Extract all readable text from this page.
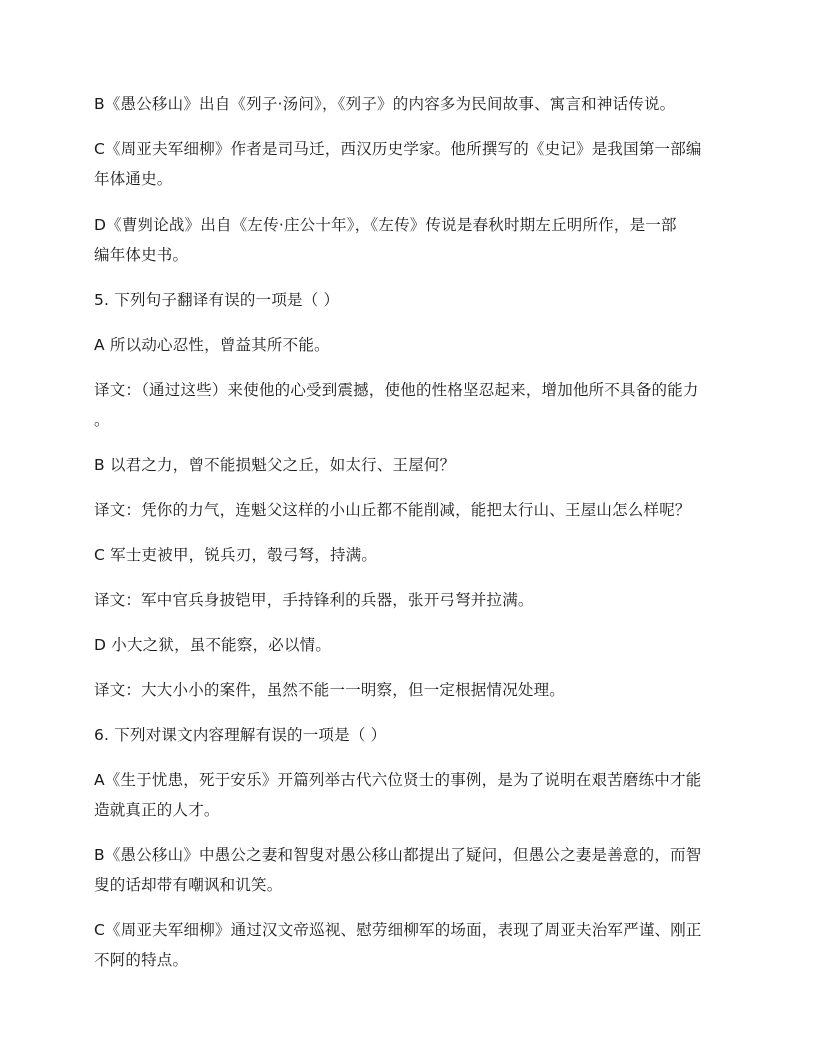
B《愚公移山》出自《列子·汤问》，《列子》的内容多为民间故事、寓言和神话传说。
C《周亚夫军细柳》作者是司马迁，西汉历史学家。他所撰写的《史记》是我国第一部编
年体通史。
D《曹刿论战》出自《左传·庄公十年》，《左传》传说是春秋时期左丘明所作，是一部
编年体史书。
5. 下列句子翻译有误的一项是（ ）
A 所以动心忍性，曾益其所不能。
译文：（通过这些）来使他的心受到震撼，使他的性格坚忍起来，增加他所不具备的能力
。
B 以君之力，曾不能损魁父之丘，如太行、王屋何？
译文：凭你的力气，连魁父这样的小山丘都不能削减，能把太行山、王屋山怎么样呢？
C 军士吏被甲，锐兵刃，彀弓弩，持满。
译文：军中官兵身披铠甲，手持锋利的兵器，张开弓弩并拉满。
D 小大之狱，虽不能察，必以情。
译文：大大小小的案件，虽然不能一一明察，但一定根据情况处理。
6. 下列对课文内容理解有误的一项是（ ）
A《生于忧患，死于安乐》开篇列举古代六位贤士的事例，是为了说明在艰苦磨练中才能
造就真正的人才。
B《愚公移山》中愚公之妻和智叟对愚公移山都提出了疑问，但愚公之妻是善意的，而智
叟的话却带有嘲讽和讥笑。
C《周亚夫军细柳》通过汉文帝巡视、慰劳细柳军的场面，表现了周亚夫治军严谨、刚正
不阿的特点。
